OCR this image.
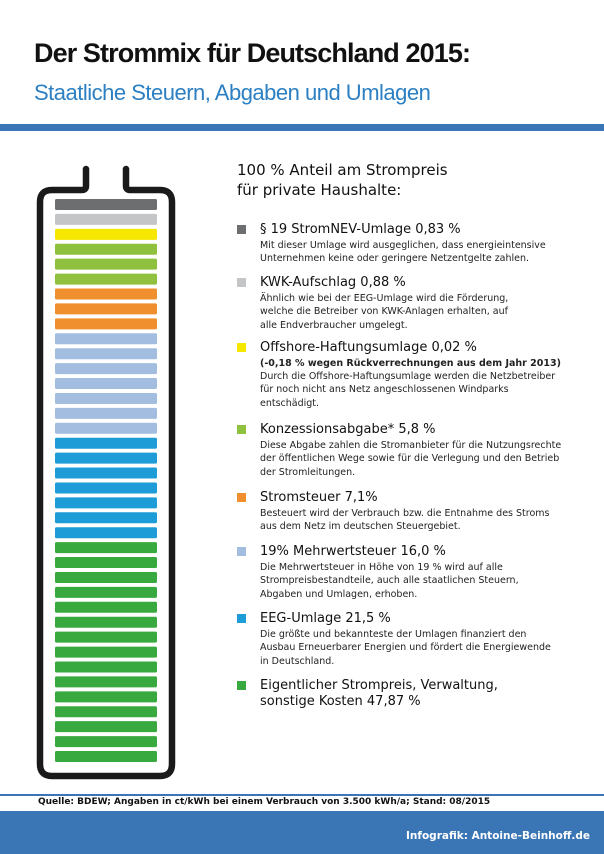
Der Strommix für Deutschland 2015:
Staatliche Steuern, Abgaben und Umlagen
100 % Anteil am Strompreis
für private Haushalte:
§ 19 StromNEV-Umlage 0,83 %
Mit dieser Umlage wird ausgeglichen, dass energieintensive
Unternehmen keine oder geringere Netzentgelte zahlen.
KWK-Aufschlag 0,88 %
Ähnlich wie bei der EEG-Umlage wird die Förderung,
welche die Betreiber von KWK-Anlagen erhalten, auf
alle Endverbraucher umgelegt.
Offshore-Haftungsumlage 0,02 %
(-0,18 % wegen Rückverrechnungen aus dem Jahr 2013)
Durch die Offshore-Haftungsumlage werden die Netzbetreiber
für noch nicht ans Netz angeschlossenen Windparks
entschädigt.
Konzessionsabgabe* 5,8 %
Diese Abgabe zahlen die Stromanbieter für die Nutzungsrechte
der öffentlichen Wege sowie für die Verlegung und den Betrieb
der Stromleitungen.
Stromsteuer 7,1%
Besteuert wird der Verbrauch bzw. die Entnahme des Stroms
aus dem Netz im deutschen Steuergebiet.
19% Mehrwertsteuer 16,0 %
Die Mehrwertsteuer in Höhe von 19 % wird auf alle
Strompreisbestandteile, auch alle staatlichen Steuern,
Abgaben und Umlagen, erhoben.
EEG-Umlage 21,5 %
Die größte und bekannteste der Umlagen finanziert den
Ausbau Erneuerbarer Energien und fördert die Energiewende
in Deutschland.
Eigentlicher Strompreis, Verwaltung,
sonstige Kosten 47,87 %
Quelle: BDEW; Angaben in ct/kWh bei einem Verbrauch von 3.500 kWh/a; Stand: 08/2015
Infografik: Antoine-Beinhoff.de
